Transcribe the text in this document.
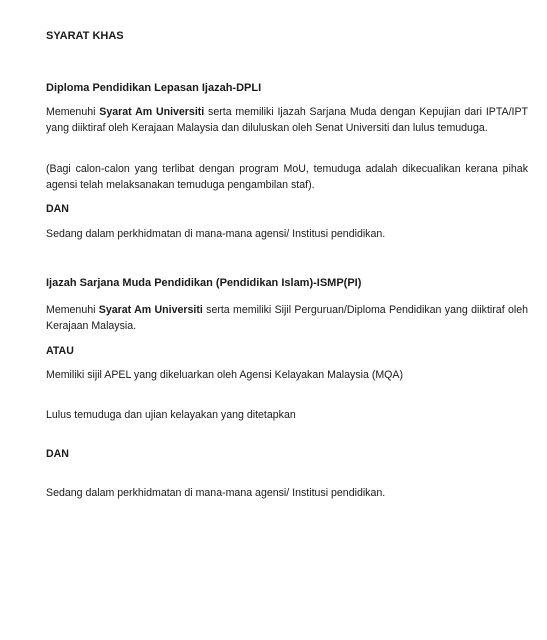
SYARAT KHAS

Diploma Pendidikan Lepasan Ijazah-DPLI

Memenuhi Syarat Am Universiti serta memiliki Ijazah Sarjana Muda dengan Kepujian dari IPTA/IPT yang diiktiraf oleh Kerajaan Malaysia dan diluluskan oleh Senat Universiti dan lulus temuduga.

(Bagi calon-calon yang terlibat dengan program MoU, temuduga adalah dikecualikan kerana pihak agensi telah melaksanakan temuduga pengambilan staf).

DAN

Sedang dalam perkhidmatan di mana-mana agensi/ Institusi pendidikan.

Ijazah Sarjana Muda Pendidikan (Pendidikan Islam)-ISMP(PI)

Memenuhi Syarat Am Universiti serta memiliki Sijil Perguruan/Diploma Pendidikan yang diiktiraf oleh Kerajaan Malaysia.

ATAU

Memiliki sijil APEL yang dikeluarkan oleh Agensi Kelayakan Malaysia (MQA)

Lulus temuduga dan ujian kelayakan yang ditetapkan

DAN

Sedang dalam perkhidmatan di mana-mana agensi/ Institusi pendidikan.
